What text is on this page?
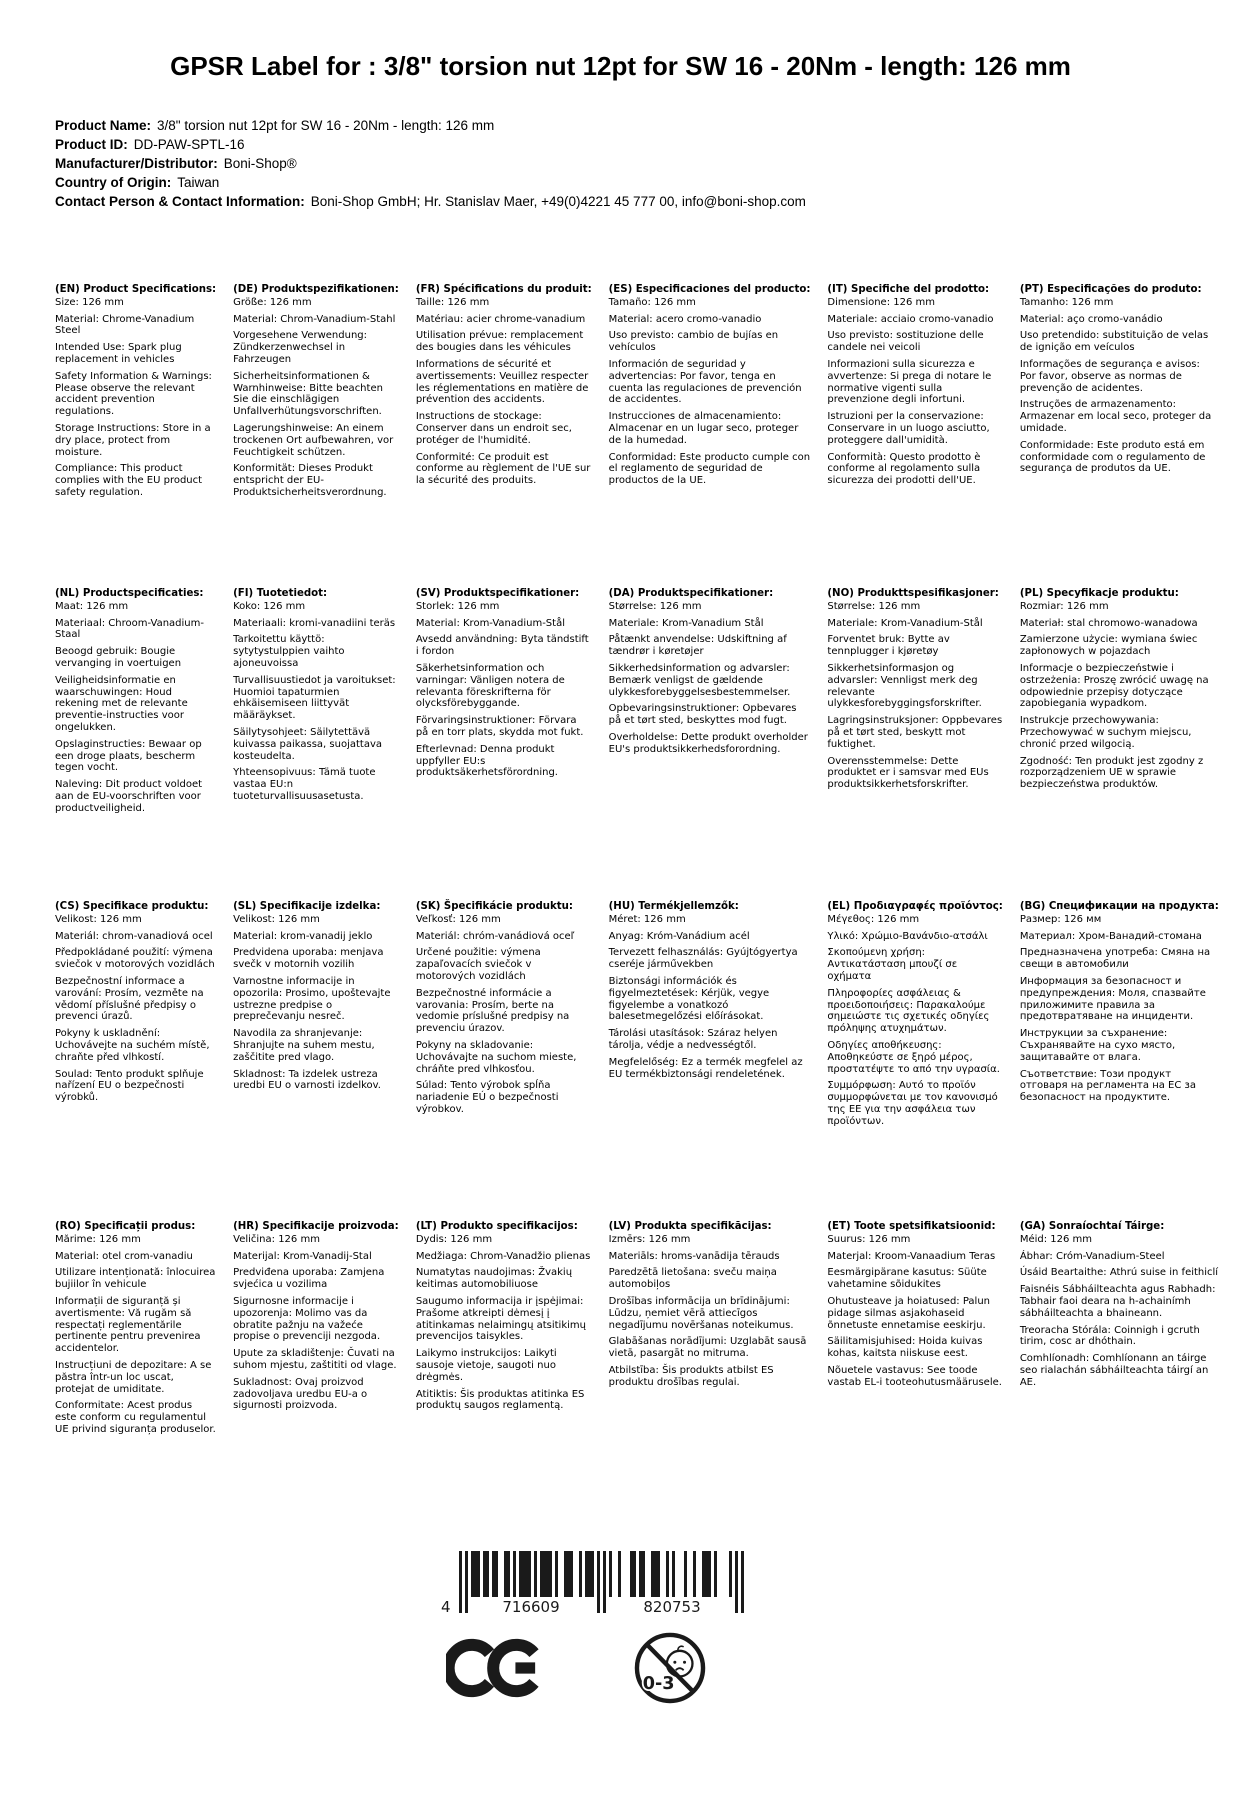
GPSR Label for : 3/8" torsion nut 12pt for SW 16 - 20Nm - length: 126 mm
Product Name: 3/8" torsion nut 12pt for SW 16 - 20Nm - length: 126 mm
Product ID: DD-PAW-SPTL-16
Manufacturer/Distributor: Boni-Shop®
Country of Origin: Taiwan
Contact Person & Contact Information: Boni-Shop GmbH; Hr. Stanislav Maer, +49(0)4221 45 777 00, info@boni-shop.com
(EN) Product Specifications:

Size: 126 mm

Material: Chrome-Vanadium Steel

Intended Use: Spark plug replacement in vehicles

Safety Information & Warnings: Please observe the relevant accident prevention regulations.

Storage Instructions: Store in a dry place, protect from moisture.

Compliance: This product complies with the EU product safety regulation.

(DE) Produktspezifikationen:

Größe: 126 mm

Material: Chrom-Vanadium-Stahl

Vorgesehene Verwendung: Zündkerzenwechsel in Fahrzeugen

Sicherheitsinformationen & Warnhinweise: Bitte beachten Sie die einschlägigen Unfallverhütungsvorschriften.

Lagerungshinweise: An einem trockenen Ort aufbewahren, vor Feuchtigkeit schützen.

Konformität: Dieses Produkt entspricht der EU-Produktsicherheitsverordnung.

(FR) Spécifications du produit:

Taille: 126 mm

Matériau: acier chrome-vanadium

Utilisation prévue: remplacement des bougies dans les véhicules

Informations de sécurité et avertissements: Veuillez respecter les réglementations en matière de prévention des accidents.

Instructions de stockage: Conserver dans un endroit sec, protéger de l'humidité.

Conformité: Ce produit est conforme au règlement de l'UE sur la sécurité des produits.

(ES) Especificaciones del producto:

Tamaño: 126 mm

Material: acero cromo-vanadio

Uso previsto: cambio de bujías en vehículos

Información de seguridad y advertencias: Por favor, tenga en cuenta las regulaciones de prevención de accidentes.

Instrucciones de almacenamiento: Almacenar en un lugar seco, proteger de la humedad.

Conformidad: Este producto cumple con el reglamento de seguridad de productos de la UE.

(IT) Specifiche del prodotto:

Dimensione: 126 mm

Materiale: acciaio cromo-vanadio

Uso previsto: sostituzione delle candele nei veicoli

Informazioni sulla sicurezza e avvertenze: Si prega di notare le normative vigenti sulla prevenzione degli infortuni.

Istruzioni per la conservazione: Conservare in un luogo asciutto, proteggere dall'umidità.

Conformità: Questo prodotto è conforme al regolamento sulla sicurezza dei prodotti dell'UE.

(PT) Especificações do produto:

Tamanho: 126 mm

Material: aço cromo-vanádio

Uso pretendido: substituição de velas de ignição em veículos

Informações de segurança e avisos: Por favor, observe as normas de prevenção de acidentes.

Instruções de armazenamento: Armazenar em local seco, proteger da umidade.

Conformidade: Este produto está em conformidade com o regulamento de segurança de produtos da UE.

(NL) Productspecificaties:

Maat: 126 mm

Materiaal: Chroom-Vanadium-Staal

Beoogd gebruik: Bougie vervanging in voertuigen

Veiligheidsinformatie en waarschuwingen: Houd rekening met de relevante preventie-instructies voor ongelukken.

Opslaginstructies: Bewaar op een droge plaats, bescherm tegen vocht.

Naleving: Dit product voldoet aan de EU-voorschriften voor productveiligheid.

(FI) Tuotetiedot:

Koko: 126 mm

Materiaali: kromi-vanadiini teräs

Tarkoitettu käyttö: sytytystulppien vaihto ajoneuvoissa

Turvallisuustiedot ja varoitukset: Huomioi tapaturmien ehkäisemiseen liittyvät määräykset.

Säilytysohjeet: Säilytettävä kuivassa paikassa, suojattava kosteudelta.

Yhteensopivuus: Tämä tuote vastaa EU:n tuoteturvallisuusasetusta.

(SV) Produktspecifikationer:

Storlek: 126 mm

Material: Krom-Vanadium-Stål

Avsedd användning: Byta tändstift i fordon

Säkerhetsinformation och varningar: Vänligen notera de relevanta föreskrifterna för olycksförebyggande.

Förvaringsinstruktioner: Förvara på en torr plats, skydda mot fukt.

Efterlevnad: Denna produkt uppfyller EU:s produktsäkerhetsförordning.

(DA) Produktspecifikationer:

Størrelse: 126 mm

Materiale: Krom-Vanadium Stål

Påtænkt anvendelse: Udskiftning af tændrør i køretøjer

Sikkerhedsinformation og advarsler: Bemærk venligst de gældende ulykkesforebyggelsesbestemmelser.

Opbevaringsinstruktioner: Opbevares på et tørt sted, beskyttes mod fugt.

Overholdelse: Dette produkt overholder EU's produktsikkerhedsforordning.

(NO) Produkttspesifikasjoner:

Størrelse: 126 mm

Materiale: Krom-Vanadium-Stål

Forventet bruk: Bytte av tennplugger i kjøretøy

Sikkerhetsinformasjon og advarsler: Vennligst merk deg relevante ulykkesforebyggingsforskrifter.

Lagringsinstruksjoner: Oppbevares på et tørt sted, beskytt mot fuktighet.

Overensstemmelse: Dette produktet er i samsvar med EUs produktsikkerhetsforskrifter.

(PL) Specyfikacje produktu:

Rozmiar: 126 mm

Materiał: stal chromowo-wanadowa

Zamierzone użycie: wymiana świec zapłonowych w pojazdach

Informacje o bezpieczeństwie i ostrzeżenia: Proszę zwrócić uwagę na odpowiednie przepisy dotyczące zapobiegania wypadkom.

Instrukcje przechowywania: Przechowywać w suchym miejscu, chronić przed wilgocią.

Zgodność: Ten produkt jest zgodny z rozporządzeniem UE w sprawie bezpieczeństwa produktów.

(CS) Specifikace produktu:

Velikost: 126 mm

Materiál: chrom-vanadiová ocel

Předpokládané použití: výmena sviečok v motorových vozidlách

Bezpečnostní informace a varování: Prosím, vezměte na vědomí příslušné předpisy o prevenci úrazů.

Pokyny k uskladnění: Uchovávejte na suchém místě, chraňte před vlhkostí.

Soulad: Tento produkt splňuje nařízení EU o bezpečnosti výrobků.

(SL) Specifikacije izdelka:

Velikost: 126 mm

Material: krom-vanadij jeklo

Predvidena uporaba: menjava svečk v motornih vozilih

Varnostne informacije in opozorila: Prosimo, upoštevajte ustrezne predpise o preprečevanju nesreč.

Navodila za shranjevanje: Shranjujte na suhem mestu, zaščitite pred vlago.

Skladnost: Ta izdelek ustreza uredbi EU o varnosti izdelkov.

(SK) Špecifikácie produktu:

Veľkosť: 126 mm

Materiál: chróm-vanádiová oceľ

Určené použitie: výmena zapaľovacích sviečok v motorových vozidlách

Bezpečnostné informácie a varovania: Prosím, berte na vedomie príslušné predpisy na prevenciu úrazov.

Pokyny na skladovanie: Uchovávajte na suchom mieste, chráňte pred vlhkosťou.

Súlad: Tento výrobok spĺňa nariadenie EÚ o bezpečnosti výrobkov.

(HU) Termékjellemzők:

Méret: 126 mm

Anyag: Króm-Vanádium acél

Tervezett felhasználás: Gyújtógyertya cseréje járművekben

Biztonsági információk és figyelmeztetések: Kérjük, vegye figyelembe a vonatkozó balesetmegelőzési előírásokat.

Tárolási utasítások: Száraz helyen tárolja, védje a nedvességtől.

Megfelelőség: Ez a termék megfelel az EU termékbiztonsági rendeletének.

(EL) Προδιαγραφές προϊόντος:

Μέγεθος: 126 mm

Υλικό: Χρώμιο-Βανάνδιο-ατσάλι

Σκοπούμενη χρήση: Αντικατάσταση μπουζί σε οχήματα

Πληροφορίες ασφάλειας & προειδοποιήσεις: Παρακαλούμε σημειώστε τις σχετικές οδηγίες πρόληψης ατυχημάτων.

Οδηγίες αποθήκευσης: Αποθηκεύστε σε ξηρό μέρος, προστατέψτε το από την υγρασία.

Συμμόρφωση: Αυτό το προϊόν συμμορφώνεται με τον κανονισμό της ΕΕ για την ασφάλεια των προϊόντων.

(BG) Спецификации на продукта:

Размер: 126 мм

Материал: Хром-Ванадий-стомана

Предназначена употреба: Смяна на свещи в автомобили

Информация за безопасност и предупреждения: Моля, спазвайте приложимите правила за предотвратяване на инциденти.

Инструкции за съхранение: Съхранявайте на сухо място, защитавайте от влага.

Съответствие: Този продукт отговаря на регламента на ЕС за безопасност на продуктите.

(RO) Specificații produs:

Mărime: 126 mm

Material: otel crom-vanadiu

Utilizare intenționată: înlocuirea bujiilor în vehicule

Informații de siguranță și avertismente: Vă rugăm să respectați reglementările pertinente pentru prevenirea accidentelor.

Instrucțiuni de depozitare: A se păstra într-un loc uscat, protejat de umiditate.

Conformitate: Acest produs este conform cu regulamentul UE privind siguranța produselor.

(HR) Specifikacije proizvoda:

Veličina: 126 mm

Materijal: Krom-Vanadij-Stal

Predviđena uporaba: Zamjena svjećica u vozilima

Sigurnosne informacije i upozorenja: Molimo vas da obratite pažnju na važeće propise o prevenciji nezgoda.

Upute za skladištenje: Čuvati na suhom mjestu, zaštititi od vlage.

Sukladnost: Ovaj proizvod zadovoljava uredbu EU-a o sigurnosti proizvoda.

(LT) Produkto specifikacijos:

Dydis: 126 mm

Medžiaga: Chrom-Vanadžio plienas

Numatytas naudojimas: Žvakių keitimas automobiliuose

Saugumo informacija ir įspėjimai: Prašome atkreipti dėmesį į atitinkamas nelaimingų atsitikimų prevencijos taisykles.

Laikymo instrukcijos: Laikyti sausoje vietoje, saugoti nuo drėgmės.

Atitiktis: Šis produktas atitinka ES produktų saugos reglamentą.

(LV) Produkta specifikācijas:

Izmērs: 126 mm

Materiāls: hroms-vanādija tērauds

Paredzētā lietošana: sveču maiņa automobiļos

Drošības informācija un brīdinājumi: Lūdzu, ņemiet vērā attiecīgos negadījumu novēršanas noteikumus.

Glabāšanas norādījumi: Uzglabāt sausā vietā, pasargāt no mitruma.

Atbilstība: Šis produkts atbilst ES produktu drošības regulai.

(ET) Toote spetsifikatsioonid:

Suurus: 126 mm

Materjal: Kroom-Vanaadium Teras

Eesmärgipärane kasutus: Süüte vahetamine sõidukites

Ohutusteave ja hoiatused: Palun pidage silmas asjakohaseid õnnetuste ennetamise eeskirju.

Säilitamisjuhised: Hoida kuivas kohas, kaitsta niiskuse eest.

Nõuetele vastavus: See toode vastab EL-i tooteohutusmäärusele.

(GA) Sonraíochtaí Táirge:

Méid: 126 mm

Ábhar: Cróm-Vanadium-Steel

Úsáid Beartaithe: Athrú suise in feithiclí

Faisnéis Sábháilteachta agus Rabhadh: Tabhair faoi deara na h-achainímh sábháilteachta a bhaineann.

Treoracha Stórála: Coinnigh i gcruth tirim, cosc ar dhóthain.

Comhlíonadh: Comhlíonann an táirge seo rialachán sábháilteachta táirgí an AE.

4	716609	820753
0-3
